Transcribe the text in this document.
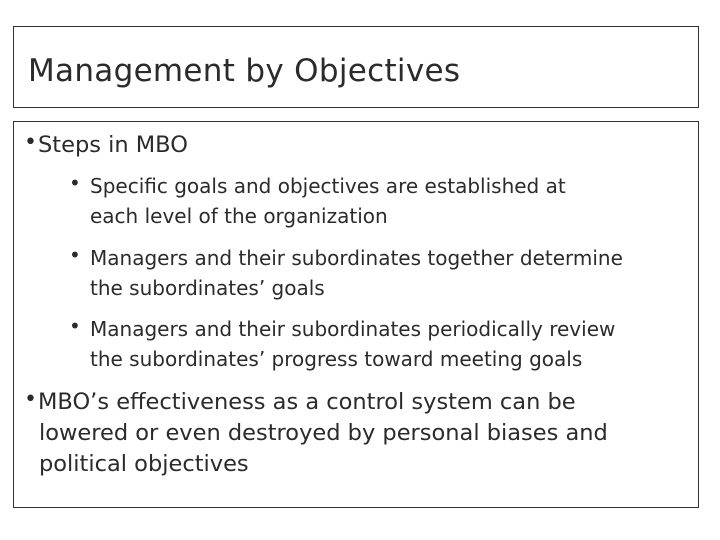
Management by Objectives
• Steps in MBO
• Specific goals and objectives are established at
each level of the organization
• Managers and their subordinates together determine
the subordinates’ goals
• Managers and their subordinates periodically review
the subordinates’ progress toward meeting goals
• MBO’s effectiveness as a control system can be
lowered or even destroyed by personal biases and
political objectives
